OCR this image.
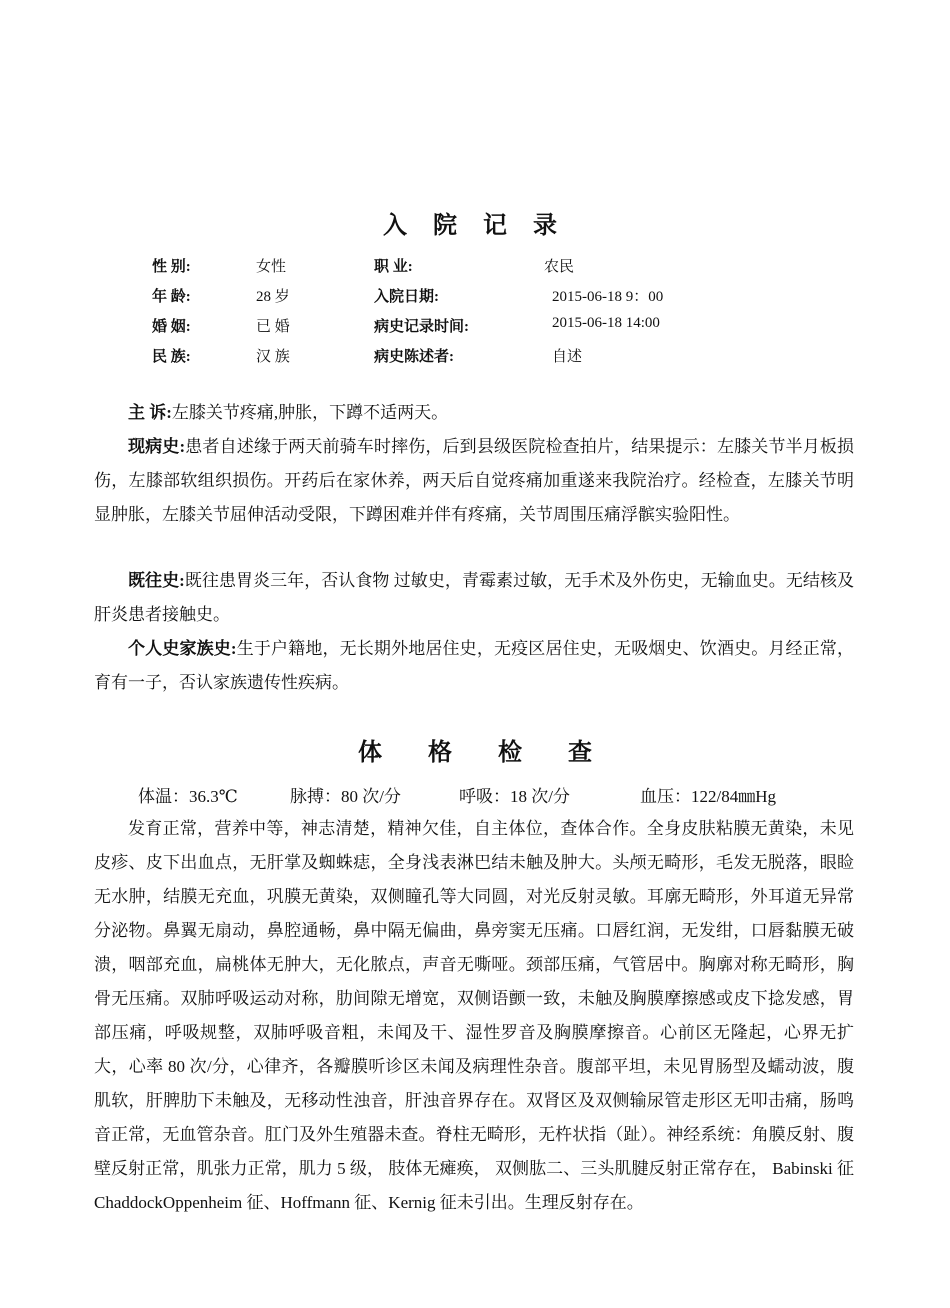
入 院 记 录
性 别:	女性	职 业:	农民
年 龄:	28 岁	入院日期:	2015-06-18 9：00
婚 姻:	已 婚	病史记录时间:	2015-06-18 14:00
民 族:	汉 族	病史陈述者:	自述

主 诉:左膝关节疼痛,肿胀，下蹲不适两天。

现病史:患者自述缘于两天前骑车时摔伤，后到县级医院检查拍片，结果提示：左膝关节半月板损伤，左膝部软组织损伤。开药后在家休养，两天后自觉疼痛加重遂来我院治疗。经检查，左膝关节明显肿胀，左膝关节屈伸活动受限，下蹲困难并伴有疼痛，关节周围压痛浮髌实验阳性。

既往史:既往患胃炎三年，否认食物 过敏史，青霉素过敏，无手术及外伤史，无输血史。无结核及肝炎患者接触史。

个人史家族史:生于户籍地，无长期外地居住史，无疫区居住史，无吸烟史、饮酒史。月经正常，育有一子，否认家族遗传性疾病。

体格检查
体温：36.3℃	脉搏：80 次/分	呼吸：18 次/分	血压：122/84㎜Hg

发育正常，营养中等，神志清楚，精神欠佳，自主体位，查体合作。全身皮肤粘膜无黄染，未见皮疹、皮下出血点，无肝掌及蜘蛛痣，全身浅表淋巴结未触及肿大。头颅无畸形，毛发无脱落，眼睑无水肿，结膜无充血，巩膜无黄染，双侧瞳孔等大同圆，对光反射灵敏。耳廓无畸形，外耳道无异常分泌物。鼻翼无扇动，鼻腔通畅，鼻中隔无偏曲，鼻旁窦无压痛。口唇红润，无发绀，口唇黏膜无破溃，咽部充血，扁桃体无肿大，无化脓点，声音无嘶哑。颈部压痛，气管居中。胸廓对称无畸形，胸骨无压痛。双肺呼吸运动对称，肋间隙无增宽，双侧语颤一致，未触及胸膜摩擦感或皮下捻发感，胃部压痛，呼吸规整，双肺呼吸音粗，未闻及干、湿性罗音及胸膜摩擦音。心前区无隆起，心界无扩大，心率 80 次/分，心律齐，各瓣膜听诊区未闻及病理性杂音。腹部平坦，未见胃肠型及蠕动波，腹肌软，肝脾肋下未触及，无移动性浊音，肝浊音界存在。双肾区及双侧输尿管走形区无叩击痛，肠鸣音正常，无血管杂音。肛门及外生殖器未查。脊柱无畸形，无杵状指（趾）。神经系统：角膜反射、腹壁反射正常，肌张力正常，肌力 5 级， 肢体无瘫痪， 双侧肱二、三头肌腱反射正常存在， Babinski 征 ChaddockOppenheim 征、Hoffmann 征、Kernig 征未引出。生理反射存在。
